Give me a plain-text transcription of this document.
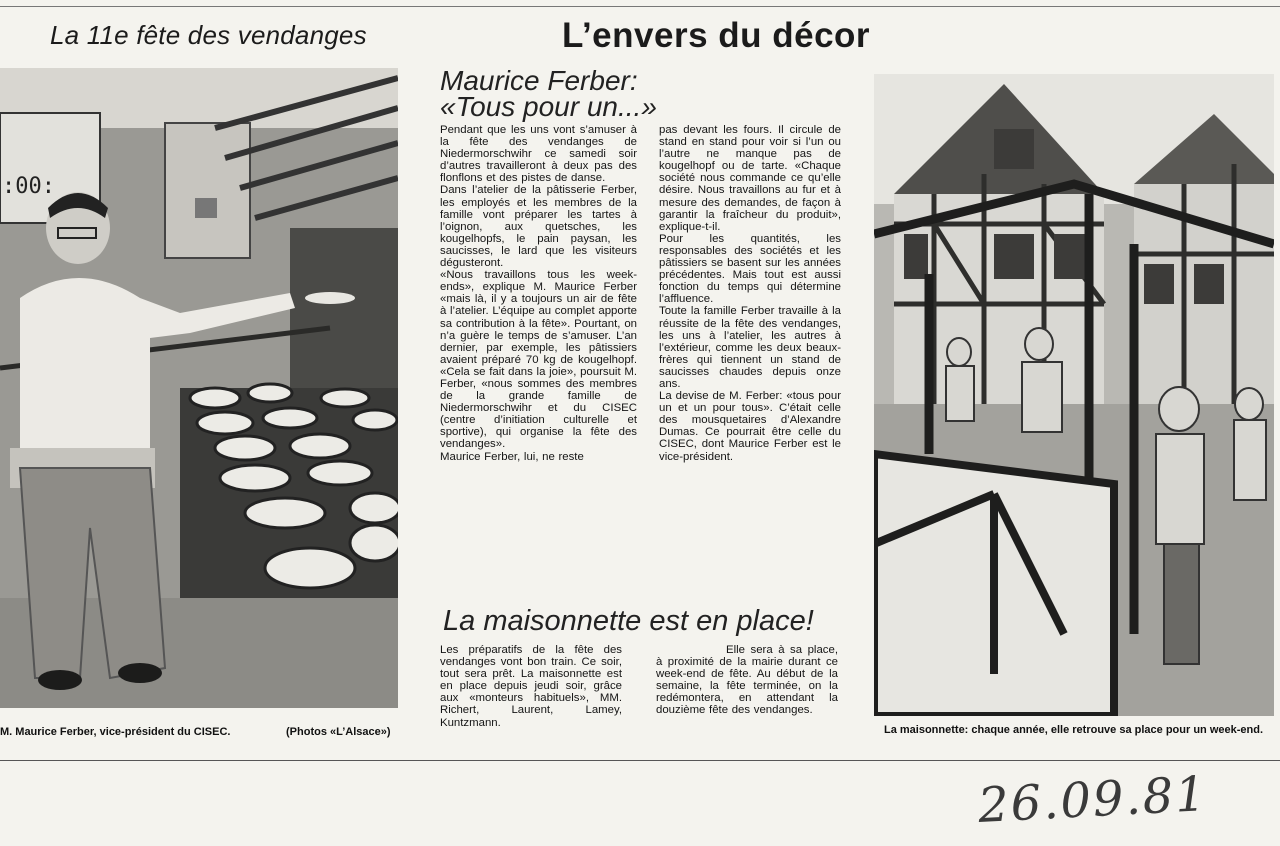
La 11e fête des vendanges	L’envers du décor
:00:
Maurice Ferber:
«Tous pour un...»
Pendant que les uns vont s’amuser à la fête des vendanges de Niedermorschwihr ce samedi soir d’autres travailleront à deux pas des flonflons et des pistes de danse.
Dans l’atelier de la pâtisserie Ferber, les employés et les membres de la famille vont préparer les tartes à l’oignon, aux quetsches, les kougelhopfs, le pain paysan, les saucisses, le lard que les visiteurs dégusteront.
«Nous travaillons tous les week-ends», explique M. Maurice Ferber «mais là, il y a toujours un air de fête à l’atelier. L’équipe au complet apporte sa contribution à la fête». Pourtant, on n’a guère le temps de s’amuser. L’an dernier, par exemple, les pâtissiers avaient préparé 70 kg de kougelhopf. «Cela se fait dans la joie», poursuit M. Ferber, «nous sommes des membres de la grande famille de Niedermorschwihr et du CISEC (centre d’initiation culturelle et sportive), qui organise la fête des vendanges».
Maurice Ferber, lui, ne reste
pas devant les fours. Il circule de stand en stand pour voir si l’un ou l’autre ne manque pas de kougelhopf ou de tarte. «Chaque société nous commande ce qu’elle désire. Nous travaillons au fur et à mesure des demandes, de façon à garantir la fraîcheur du produit», explique-t-il.
Pour les quantités, les responsables des sociétés et les pâtissiers se basent sur les années précédentes. Mais tout est aussi fonction du temps qui détermine l’affluence.
Toute la famille Ferber travaille à la réussite de la fête des vendanges, les uns à l’atelier, les autres à l’extérieur, comme les deux beaux-frères qui tiennent un stand de saucisses chaudes depuis onze ans.
La devise de M. Ferber: «tous pour un et un pour tous». C’était celle des mousquetaires d’Alexandre Dumas. Ce pourrait être celle du CISEC, dont Maurice Ferber est le vice-président.
La maisonnette est en place!
Les préparatifs de la fête des vendanges vont bon train. Ce soir, tout sera prêt. La maisonnette est en place depuis jeudi soir, grâce aux «monteurs habituels», MM. Richert, Laurent, Lamey, Kuntzmann.
Elle sera à sa place, à proximité de la mairie durant ce week-end de fête. Au début de la semaine, la fête terminée, on la redémontera, en attendant la douzième fête des vendanges.
M. Maurice Ferber, vice-président du CISEC.	(Photos «L’Alsace»)	La maisonnette: chaque année, elle retrouve sa place pour un week-end.
26.09.81
